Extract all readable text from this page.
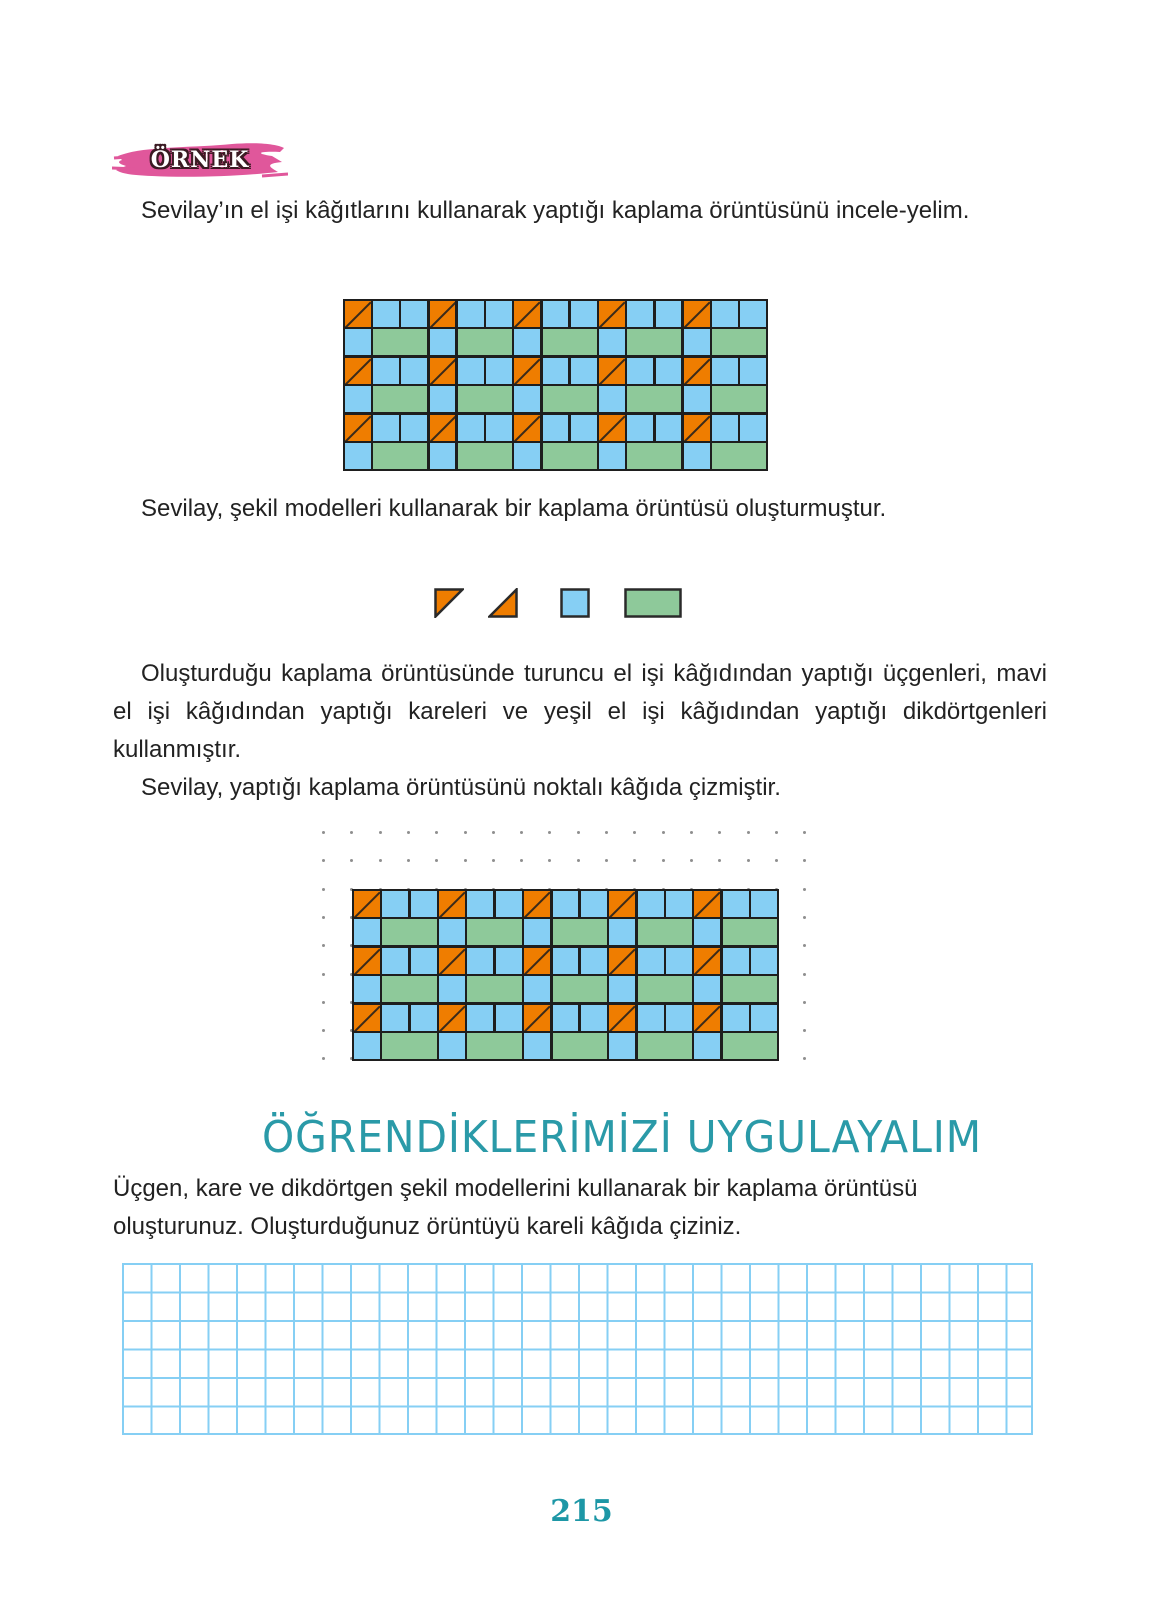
ÖRNEK

Sevilay’ın el işi kâğıtlarını kullanarak yaptığı kaplama örüntüsünü incele-yelim.

Sevilay, şekil modelleri kullanarak bir kaplama örüntüsü oluşturmuştur.

Oluşturduğu kaplama örüntüsünde turuncu el işi kâğıdından yaptığı üçgenleri, mavi el işi kâğıdından yaptığı kareleri ve yeşil el işi kâğıdından yaptığı dikdörtgenleri kullanmıştır.

Sevilay, yaptığı kaplama örüntüsünü noktalı kâğıda çizmiştir.

ÖĞRENDİKLERİMİZİ UYGULAYALIM

Üçgen, kare ve dikdörtgen şekil modellerini kullanarak bir kaplama örüntüsü oluşturunuz. Oluşturduğunuz örüntüyü kareli kâğıda çiziniz.

215
